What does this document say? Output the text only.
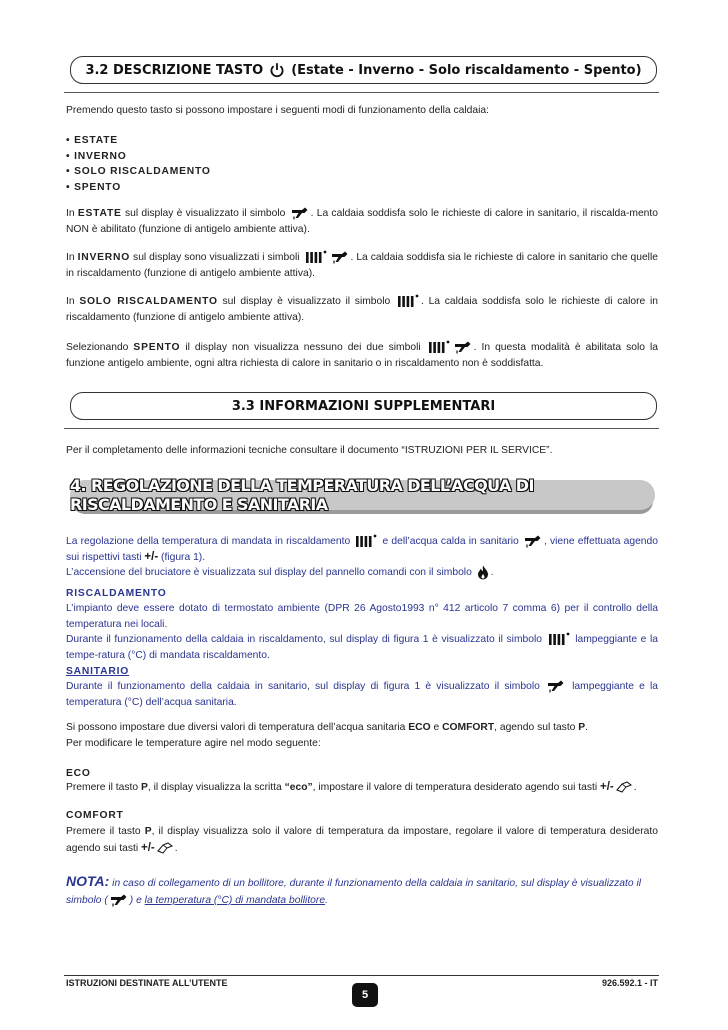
3.2 DESCRIZIONE TASTO (Estate - Inverno - Solo riscaldamento - Spento)
Premendo questo tasto si possono impostare i seguenti modi di funzionamento della caldaia:
• ESTATE
• INVERNO
• SOLO RISCALDAMENTO
• SPENTO
In ESTATE sul display è visualizzato il simbolo . La caldaia soddisfa solo le richieste di calore in sanitario, il riscalda-mento NON è abilitato (funzione di antigelo ambiente attiva).
In INVERNO sul display sono visualizzati i simboli	. La caldaia soddisfa sia le richieste di calore in sanitario che quelle in riscaldamento (funzione di antigelo ambiente attiva).
In SOLO RISCALDAMENTO sul display è visualizzato il simbolo	. La caldaia soddisfa solo le richieste di calore in riscaldamento (funzione di antigelo ambiente attiva).
Selezionando SPENTO il display non visualizza nessuno dei due simboli	. In questa modalità è abilitata solo la funzione antigelo ambiente, ogni altra richiesta di calore in sanitario o in riscaldamento non è soddisfatta.
3.3 INFORMAZIONI SUPPLEMENTARI
Per il completamento delle informazioni tecniche consultare il documento “ISTRUZIONI PER IL SERVICE”.
4. REGOLAZIONE DELLA TEMPERATURA DELL’ACQUA DI RISCALDAMENTO E SANITARIA
La regolazione della temperatura di mandata in riscaldamento	e dell’acqua calda in sanitario , viene effettuata agendo sui rispettivi tasti +/- (figura 1).
L’accensione del bruciatore è visualizzata sul display del pannello comandi con il simbolo .
RISCALDAMENTO
L’impianto deve essere dotato di termostato ambiente (DPR 26 Agosto1993 n° 412 articolo 7 comma 6) per il controllo della temperatura nei locali.
Durante il funzionamento della caldaia in riscaldamento, sul display di figura 1 è visualizzato il simbolo	lampeggiante e la tempe-ratura (°C) di mandata riscaldamento.
SANITARIO
Durante il funzionamento della caldaia in sanitario, sul display di figura 1 è visualizzato il simbolo  lampeggiante e la temperatura (°C) dell’acqua sanitaria.
Si possono impostare due diversi valori di temperatura dell’acqua sanitaria ECO e COMFORT, agendo sul tasto P.
Per modificare le temperature agire nel modo seguente:
ECO
Premere il tasto P, il display visualizza la scritta “eco”, impostare il valore di temperatura desiderato agendo sui tasti +/- .
COMFORT
Premere il tasto P, il display visualizza solo il valore di temperatura da impostare, regolare il valore di temperatura desiderato agendo sui tasti +/- .
NOTA: in caso di collegamento di un bollitore, durante il funzionamento della caldaia in sanitario, sul display è visualizzato il simbolo ( ) e la temperatura (°C) di mandata bollitore.
ISTRUZIONI DESTINATE ALL’UTENTE	926.592.1 - IT
5
